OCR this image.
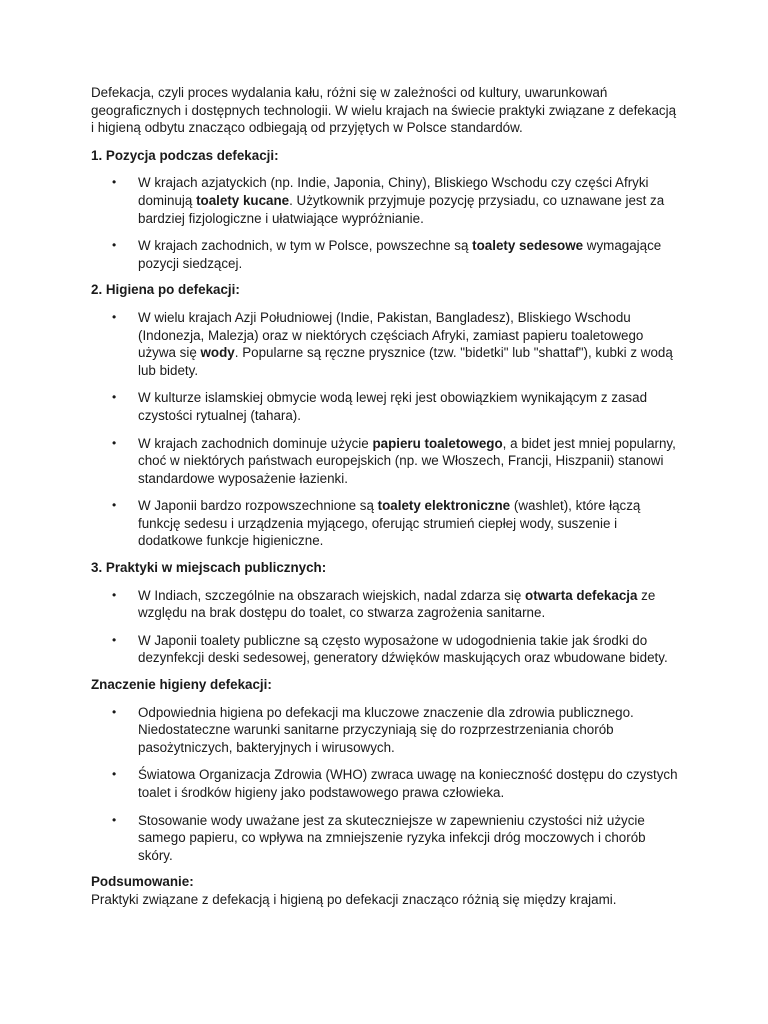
Defekacja, czyli proces wydalania kału, różni się w zależności od kultury, uwarunkowań geograficznych i dostępnych technologii. W wielu krajach na świecie praktyki związane z defekacją i higieną odbytu znacząco odbiegają od przyjętych w Polsce standardów.

1. Pozycja podczas defekacji:

• W krajach azjatyckich (np. Indie, Japonia, Chiny), Bliskiego Wschodu czy części Afryki dominują toalety kucane. Użytkownik przyjmuje pozycję przysiadu, co uznawane jest za bardziej fizjologiczne i ułatwiające wypróżnianie.
• W krajach zachodnich, w tym w Polsce, powszechne są toalety sedesowe wymagające pozycji siedzącej.

2. Higiena po defekacji:

• W wielu krajach Azji Południowej (Indie, Pakistan, Bangladesz), Bliskiego Wschodu (Indonezja, Malezja) oraz w niektórych częściach Afryki, zamiast papieru toaletowego używa się wody. Popularne są ręczne prysznice (tzw. "bidetki" lub "shattaf"), kubki z wodą lub bidety.
• W kulturze islamskiej obmycie wodą lewej ręki jest obowiązkiem wynikającym z zasad czystości rytualnej (tahara).
• W krajach zachodnich dominuje użycie papieru toaletowego, a bidet jest mniej popularny, choć w niektórych państwach europejskich (np. we Włoszech, Francji, Hiszpanii) stanowi standardowe wyposażenie łazienki.
• W Japonii bardzo rozpowszechnione są toalety elektroniczne (washlet), które łączą funkcję sedesu i urządzenia myjącego, oferując strumień ciepłej wody, suszenie i dodatkowe funkcje higieniczne.

3. Praktyki w miejscach publicznych:

• W Indiach, szczególnie na obszarach wiejskich, nadal zdarza się otwarta defekacja ze względu na brak dostępu do toalet, co stwarza zagrożenia sanitarne.
• W Japonii toalety publiczne są często wyposażone w udogodnienia takie jak środki do dezynfekcji deski sedesowej, generatory dźwięków maskujących oraz wbudowane bidety.

Znaczenie higieny defekacji:

• Odpowiednia higiena po defekacji ma kluczowe znaczenie dla zdrowia publicznego. Niedostateczne warunki sanitarne przyczyniają się do rozprzestrzeniania chorób pasożytniczych, bakteryjnych i wirusowych.
• Światowa Organizacja Zdrowia (WHO) zwraca uwagę na konieczność dostępu do czystych toalet i środków higieny jako podstawowego prawa człowieka.
• Stosowanie wody uważane jest za skuteczniejsze w zapewnieniu czystości niż użycie samego papieru, co wpływa na zmniejszenie ryzyka infekcji dróg moczowych i chorób skóry.

Podsumowanie:

Praktyki związane z defekacją i higieną po defekacji znacząco różnią się między krajami.
